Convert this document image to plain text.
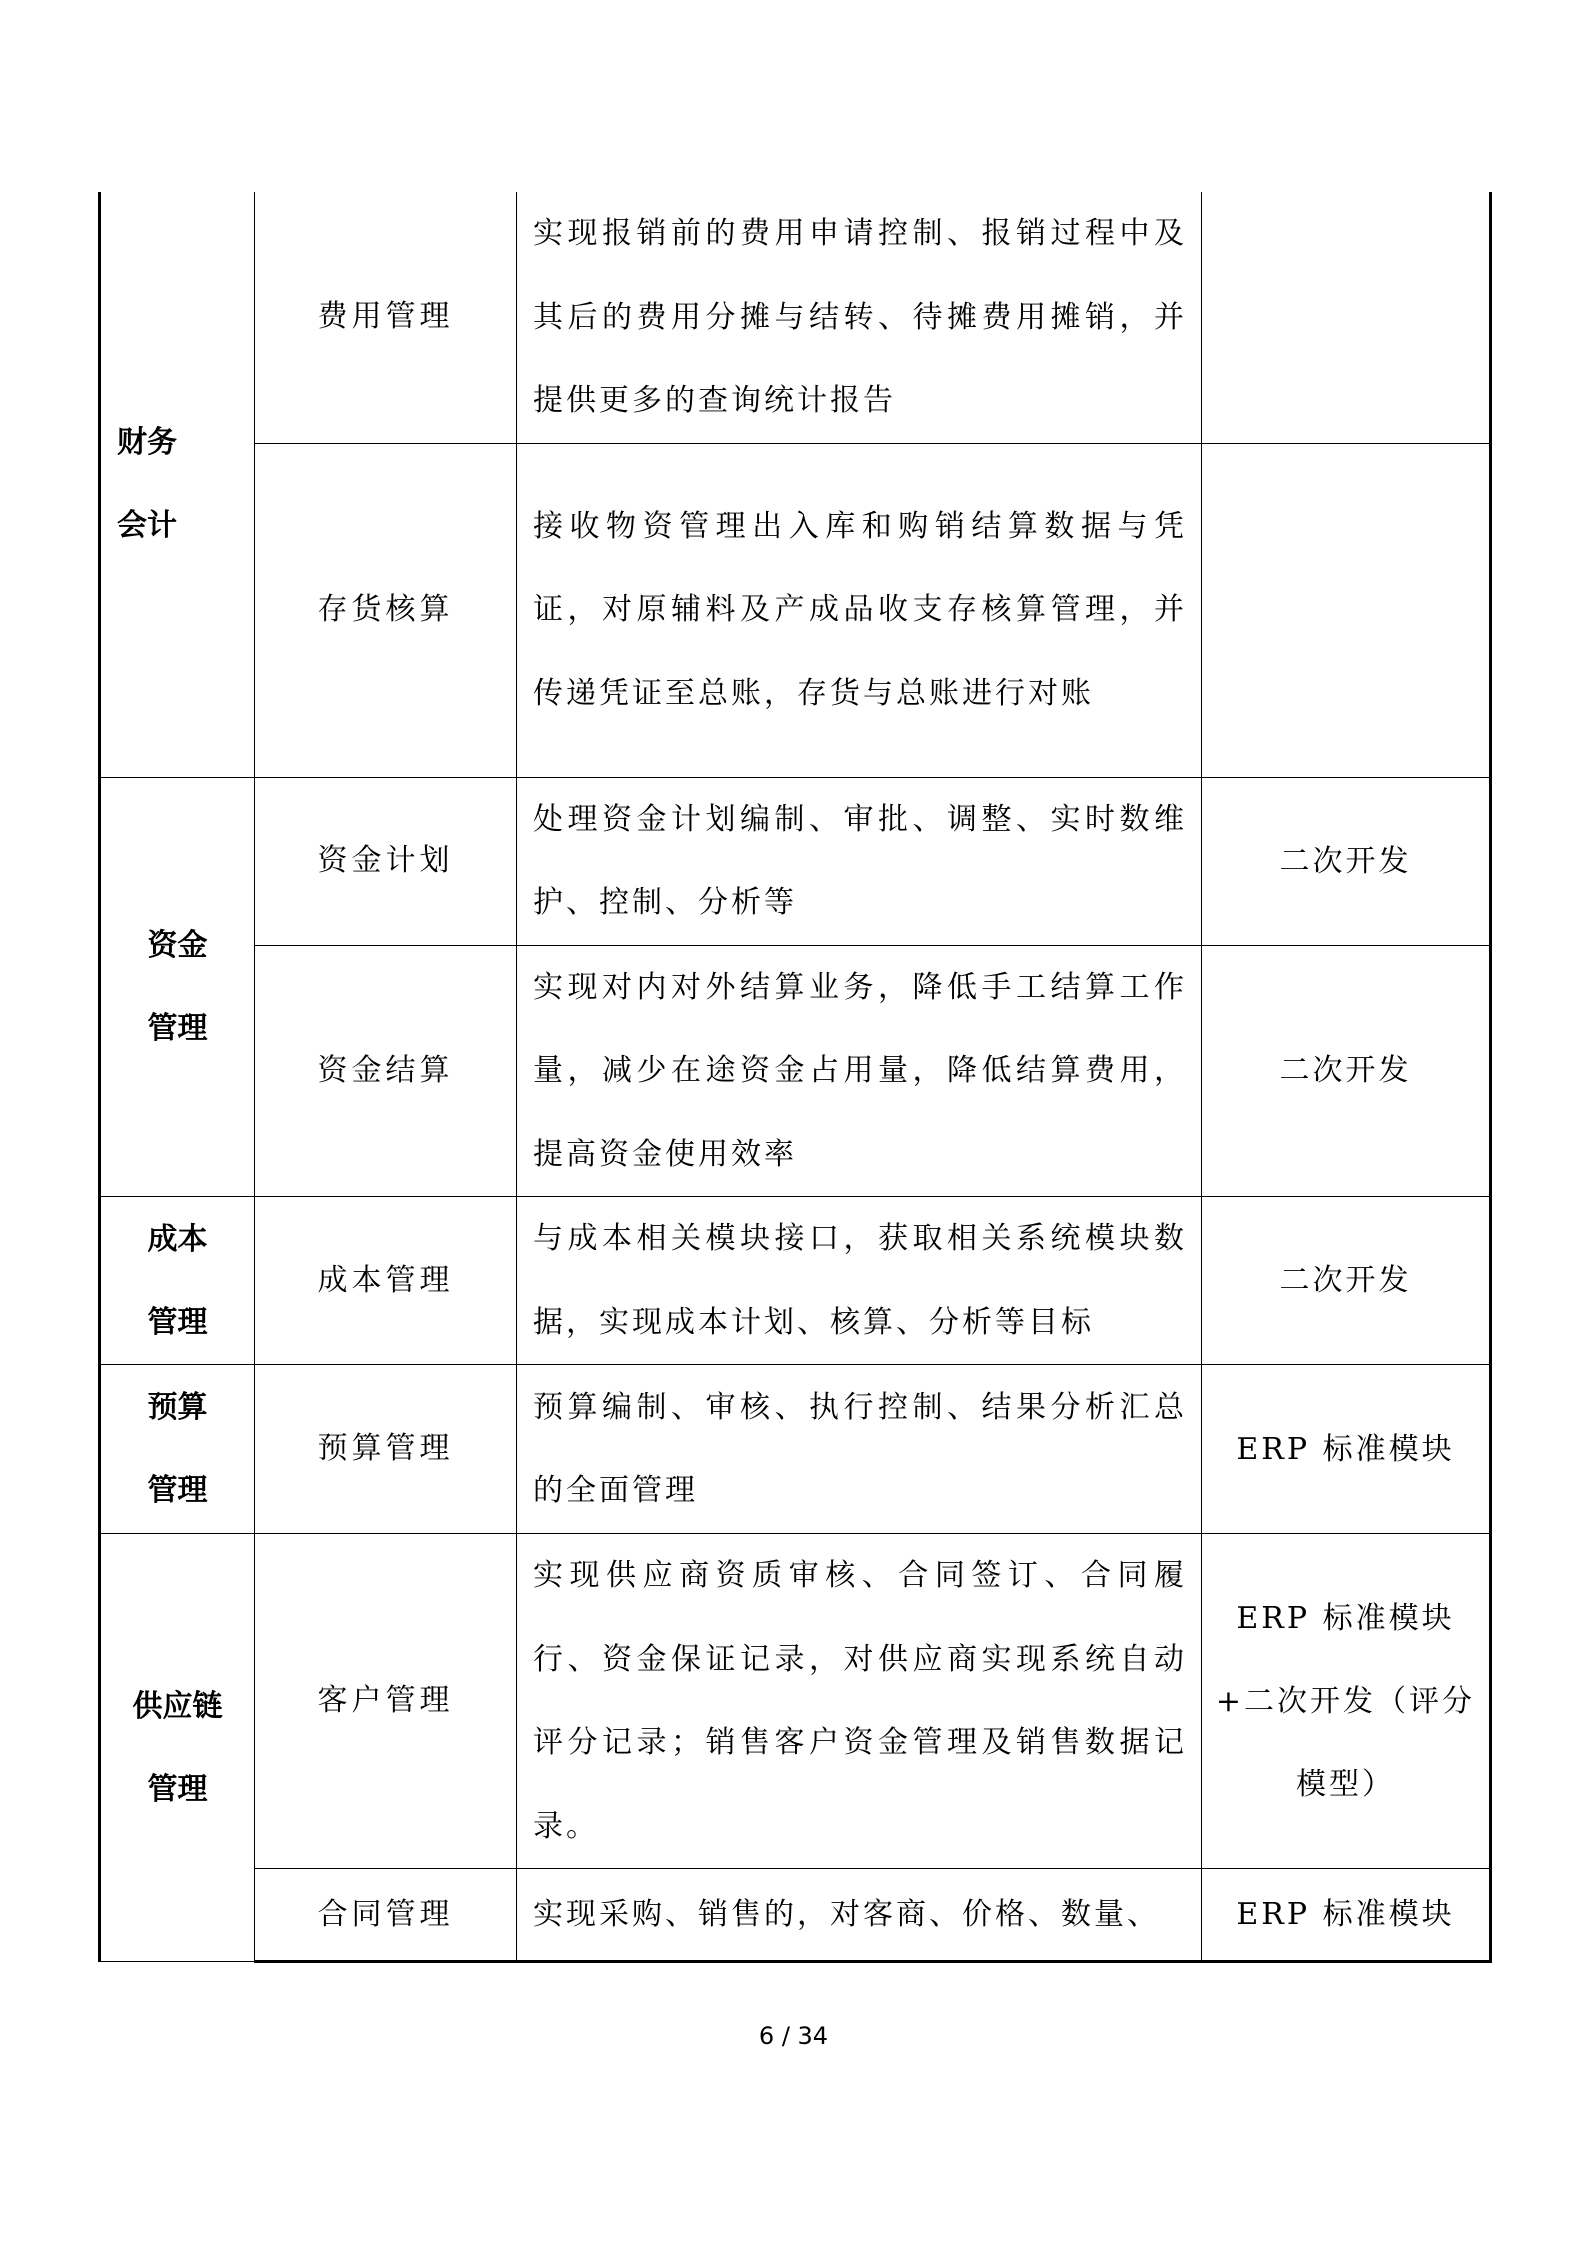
财务
会计	费用管理	实现报销前的费用申请控制、报销过程中及其后的费用分摊与结转、待摊费用摊销，并提供更多的查询统计报告	
	存货核算	接收物资管理出入库和购销结算数据与凭证，对原辅料及产成品收支存核算管理，并传递凭证至总账，存货与总账进行对账	

资金
管理	资金计划	处理资金计划编制、审批、调整、实时数维护、控制、分析等	二次开发
	资金结算	实现对内对外结算业务，降低手工结算工作量，减少在途资金占用量，降低结算费用，提高资金使用效率	二次开发

成本
管理	成本管理	与成本相关模块接口，获取相关系统模块数据，实现成本计划、核算、分析等目标	二次开发

预算
管理	预算管理	预算编制、审核、执行控制、结果分析汇总的全面管理	ERP 标准模块

供应链
管理	客户管理	实现供应商资质审核、合同签订、合同履行、资金保证记录，对供应商实现系统自动评分记录；销售客户资金管理及销售数据记录。	ERP 标准模块+二次开发（评分模型）
	合同管理	实现采购、销售的，对客商、价格、数量、	ERP 标准模块
6 / 34
